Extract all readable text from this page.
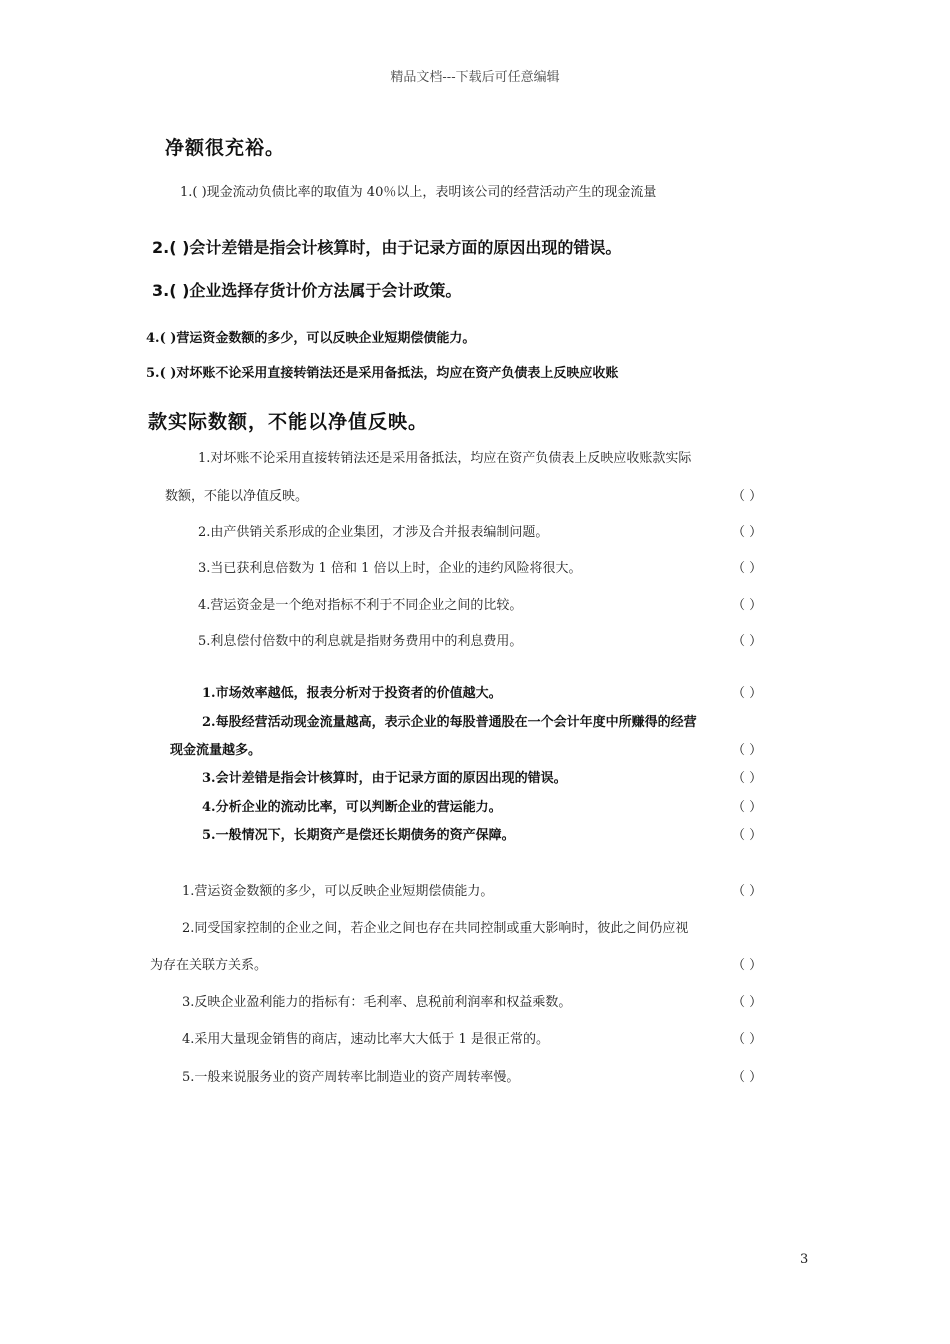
精品文档---下载后可任意编辑
净额很充裕。
1.( )现金流动负债比率的取值为 40％以上，表明该公司的经营活动产生的现金流量
2.( )会计差错是指会计核算时，由于记录方面的原因出现的错误。
3.( )企业选择存货计价方法属于会计政策。
4.( )营运资金数额的多少，可以反映企业短期偿债能力。
5.( )对坏账不论采用直接转销法还是采用备抵法，均应在资产负债表上反映应收账
款实际数额，不能以净值反映。
1.对坏账不论采用直接转销法还是采用备抵法，均应在资产负债表上反映应收账款实际
数额，不能以净值反映。	（ ）
2.由产供销关系形成的企业集团，才涉及合并报表编制问题。	（ ）
3.当已获利息倍数为 1 倍和 1 倍以上时，企业的违约风险将很大。	（ ）
4.营运资金是一个绝对指标不利于不同企业之间的比较。	（ ）
5.利息偿付倍数中的利息就是指财务费用中的利息费用。	（ ）
1.市场效率越低，报表分析对于投资者的价值越大。	（ ）
2.每股经营活动现金流量越高，表示企业的每股普通股在一个会计年度中所赚得的经营
现金流量越多。	（ ）
3.会计差错是指会计核算时，由于记录方面的原因出现的错误。	（ ）
4.分析企业的流动比率，可以判断企业的营运能力。	（ ）
5.一般情况下，长期资产是偿还长期债务的资产保障。	（ ）
1.营运资金数额的多少，可以反映企业短期偿债能力。	（ ）
2.同受国家控制的企业之间，若企业之间也存在共同控制或重大影响时，彼此之间仍应视
为存在关联方关系。	（ ）
3.反映企业盈利能力的指标有：毛利率、息税前利润率和权益乘数。	（ ）
4.采用大量现金销售的商店，速动比率大大低于 1 是很正常的。	（ ）
5.一般来说服务业的资产周转率比制造业的资产周转率慢。	（ ）
3
